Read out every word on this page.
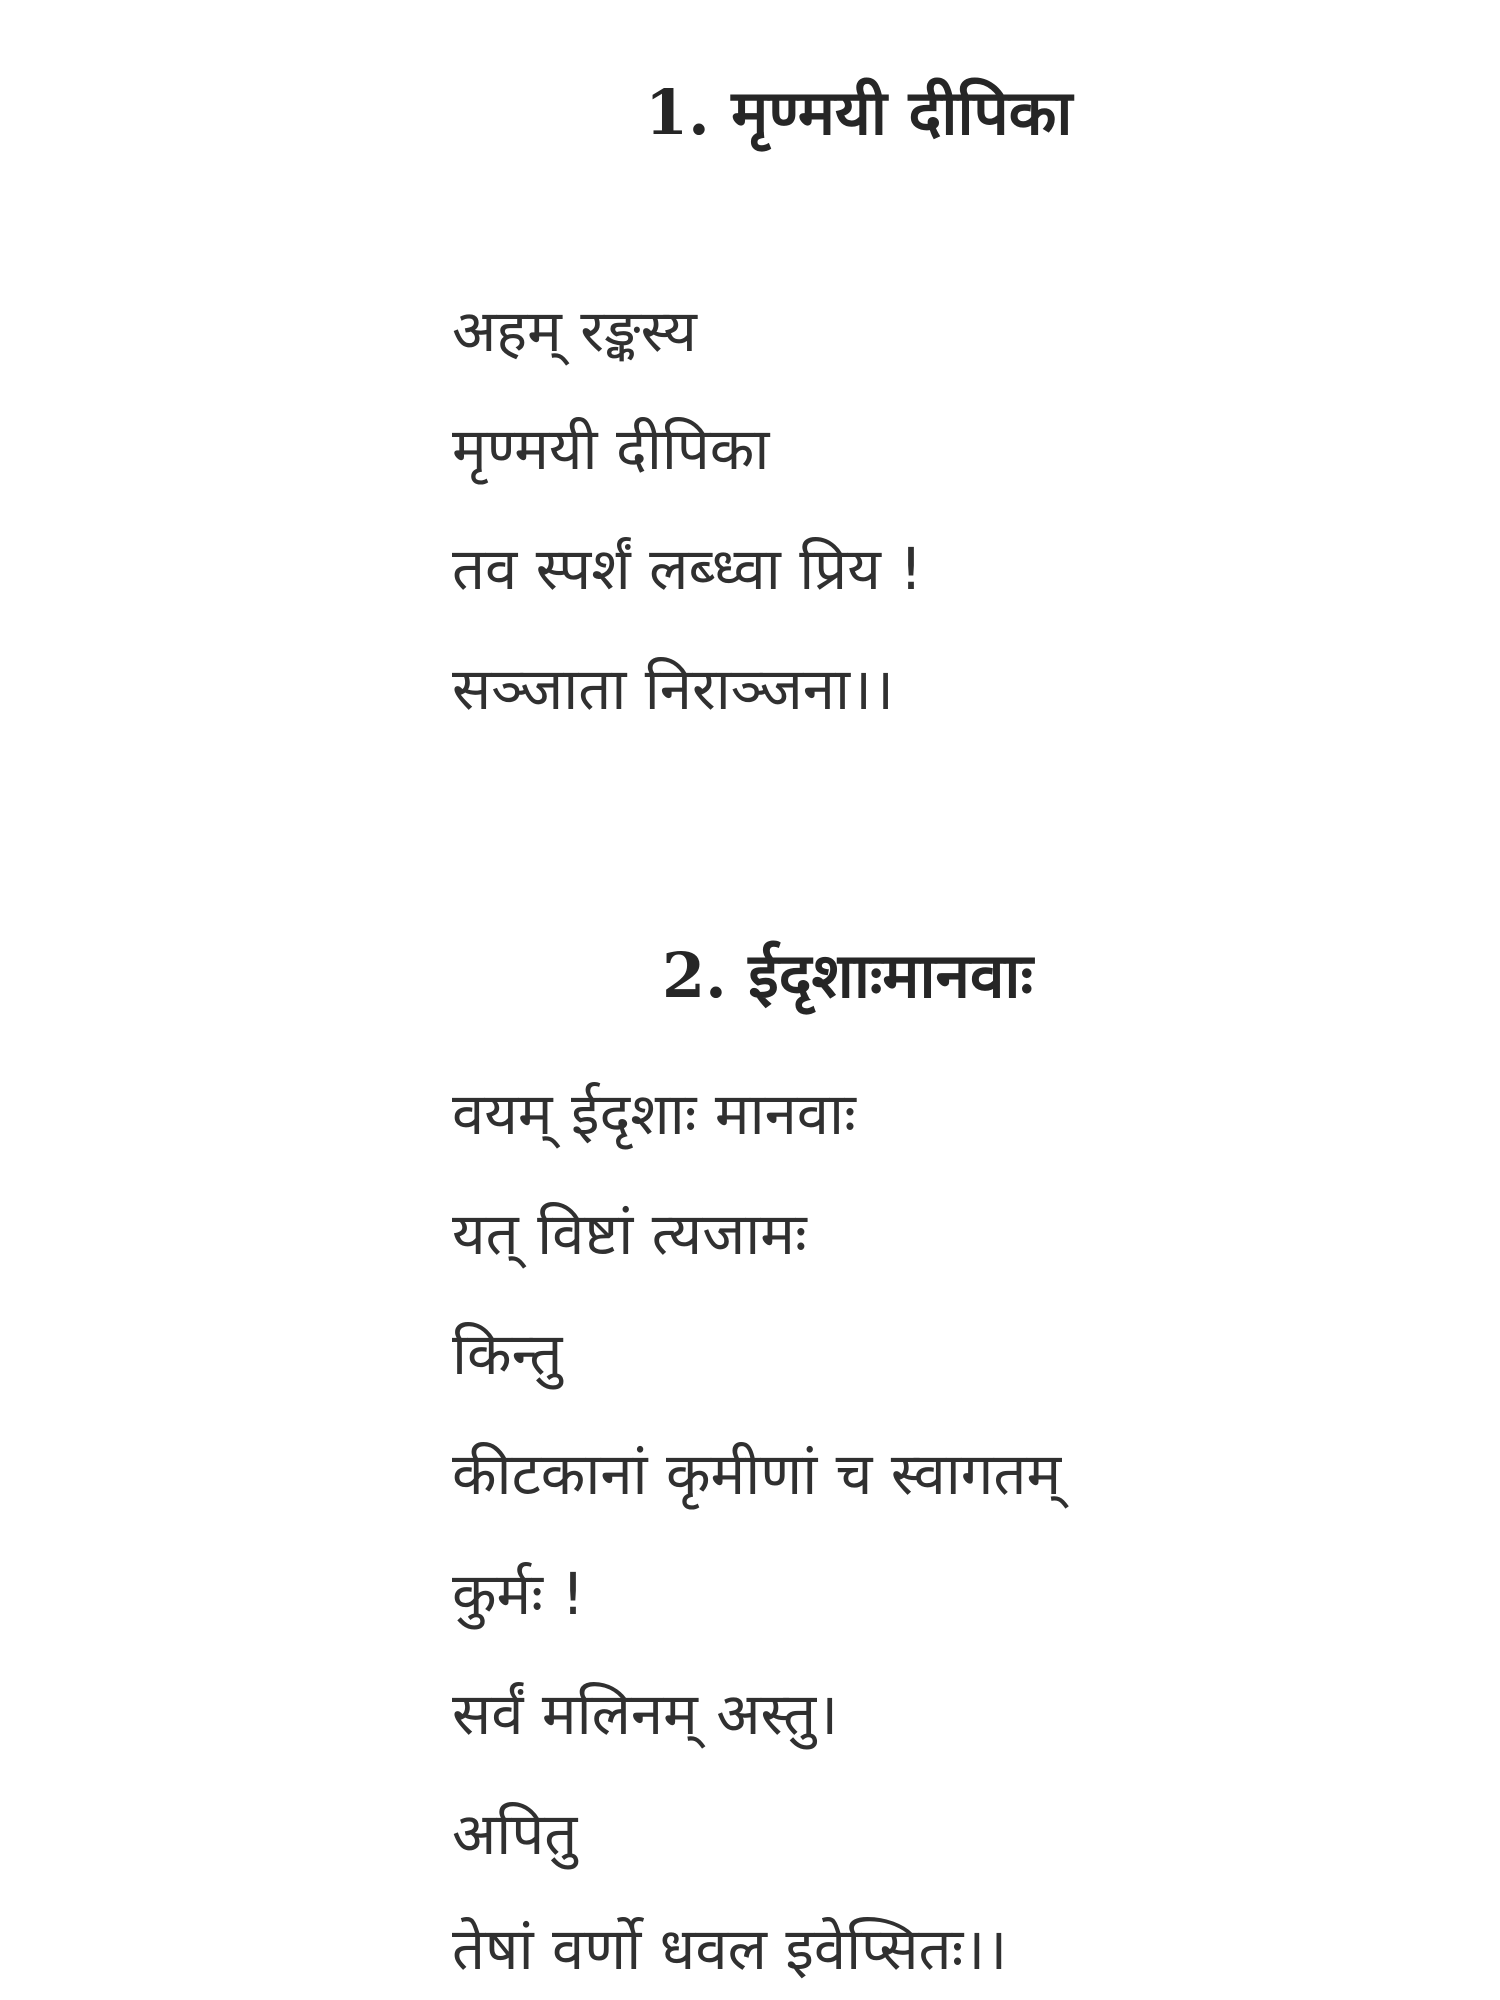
1. मृण्मयी दीपिका
अहम् रङ्कस्य
मृण्मयी दीपिका
तव स्पर्शं लब्ध्वा प्रिय !
सञ्जाता निराञ्जना।।
2. ईदृशाःमानवाः
वयम् ईदृशाः मानवाः
यत् विष्टां त्यजामः
किन्तु
कीटकानां कृमीणां च स्वागतम्
कुर्मः !
सर्वं मलिनम् अस्तु।
अपितु
तेषां वर्णो धवल इवेप्सितः।।
